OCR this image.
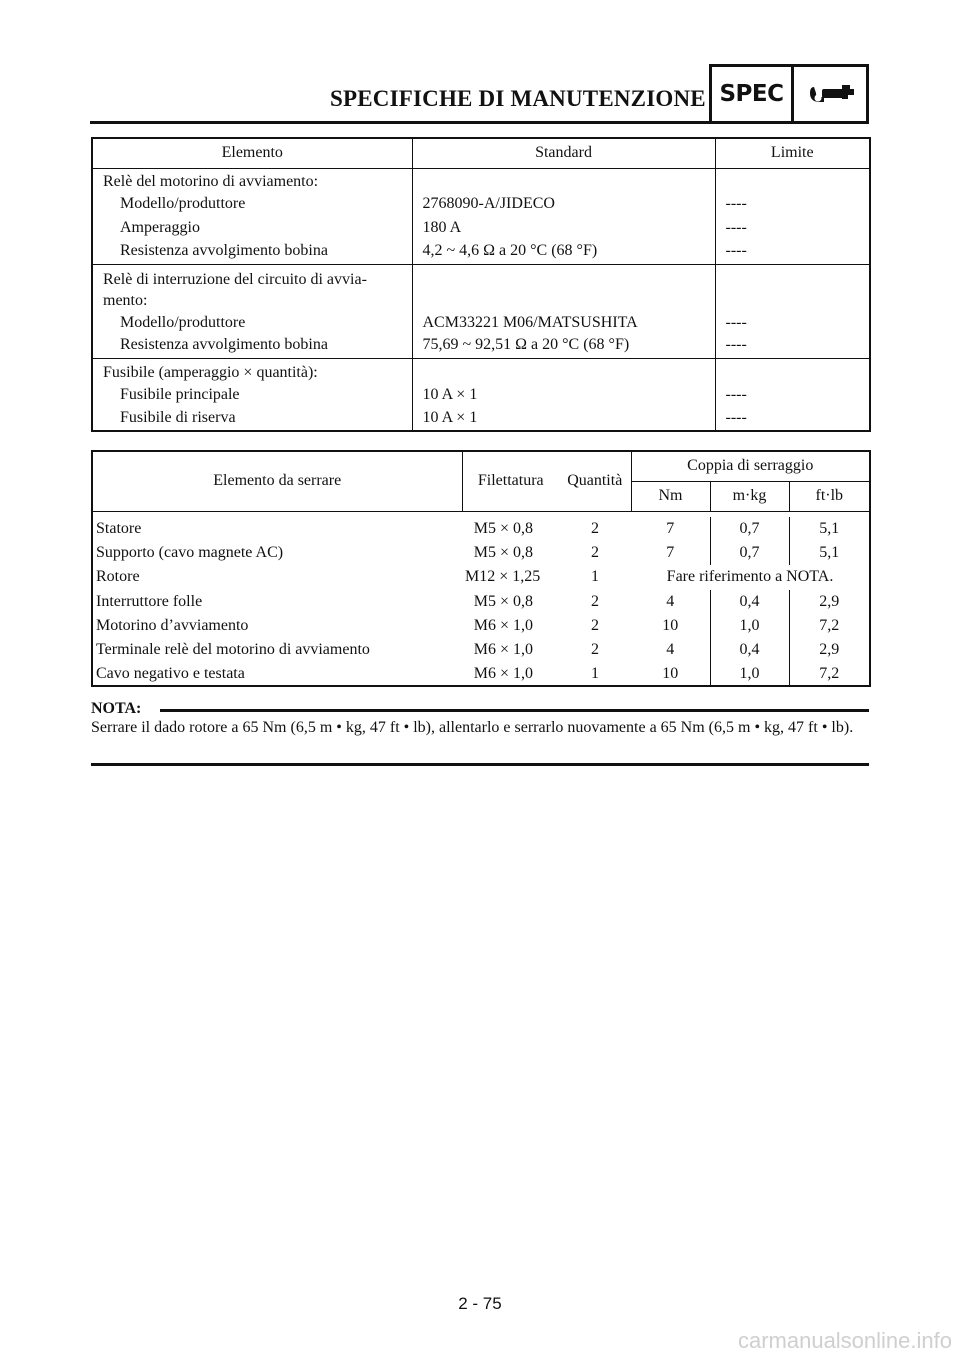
SPECIFICHE DI MANUTENZIONE SPEC
Elemento	Standard	Limite
Relè del motorino di avviamento:		
Modello/produttore	2768090-A/JIDECO	----
Amperaggio	180 A	----
Resistenza avvolgimento bobina	4,2 ~ 4,6 Ω a 20 °C (68 °F)	----
Relè di interruzione del circuito di avvia-mento:		
Modello/produttore	ACM33221 M06/MATSUSHITA	----
Resistenza avvolgimento bobina	75,69 ~ 92,51 Ω a 20 °C (68 °F)	----
Fusibile (amperaggio × quantità):		
Fusibile principale	10 A × 1	----
Fusibile di riserva	10 A × 1	----
Elemento da serrare	Filettatura	Quantità	Coppia di serraggio		
			Nm	m·kg	ft·lb

Statore	M5 × 0,8	2	7	0,7	5,1
Supporto (cavo magnete AC)	M5 × 0,8	2	7	0,7	5,1
Rotore	M12 × 1,25	1	Fare riferimento a NOTA.		
Interruttore folle	M5 × 0,8	2	4	0,4	2,9
Motorino d’avviamento	M6 × 1,0	2	10	1,0	7,2
Terminale relè del motorino di avviamento	M6 × 1,0	2	4	0,4	2,9
Cavo negativo e testata	M6 × 1,0	1	10	1,0	7,2
NOTA:
Serrare il dado rotore a 65 Nm (6,5 m • kg, 47 ft • lb), allentarlo e serrarlo nuovamente a 65 Nm (6,5 m • kg, 47 ft • lb).
2 - 75
carmanualsonline.info
